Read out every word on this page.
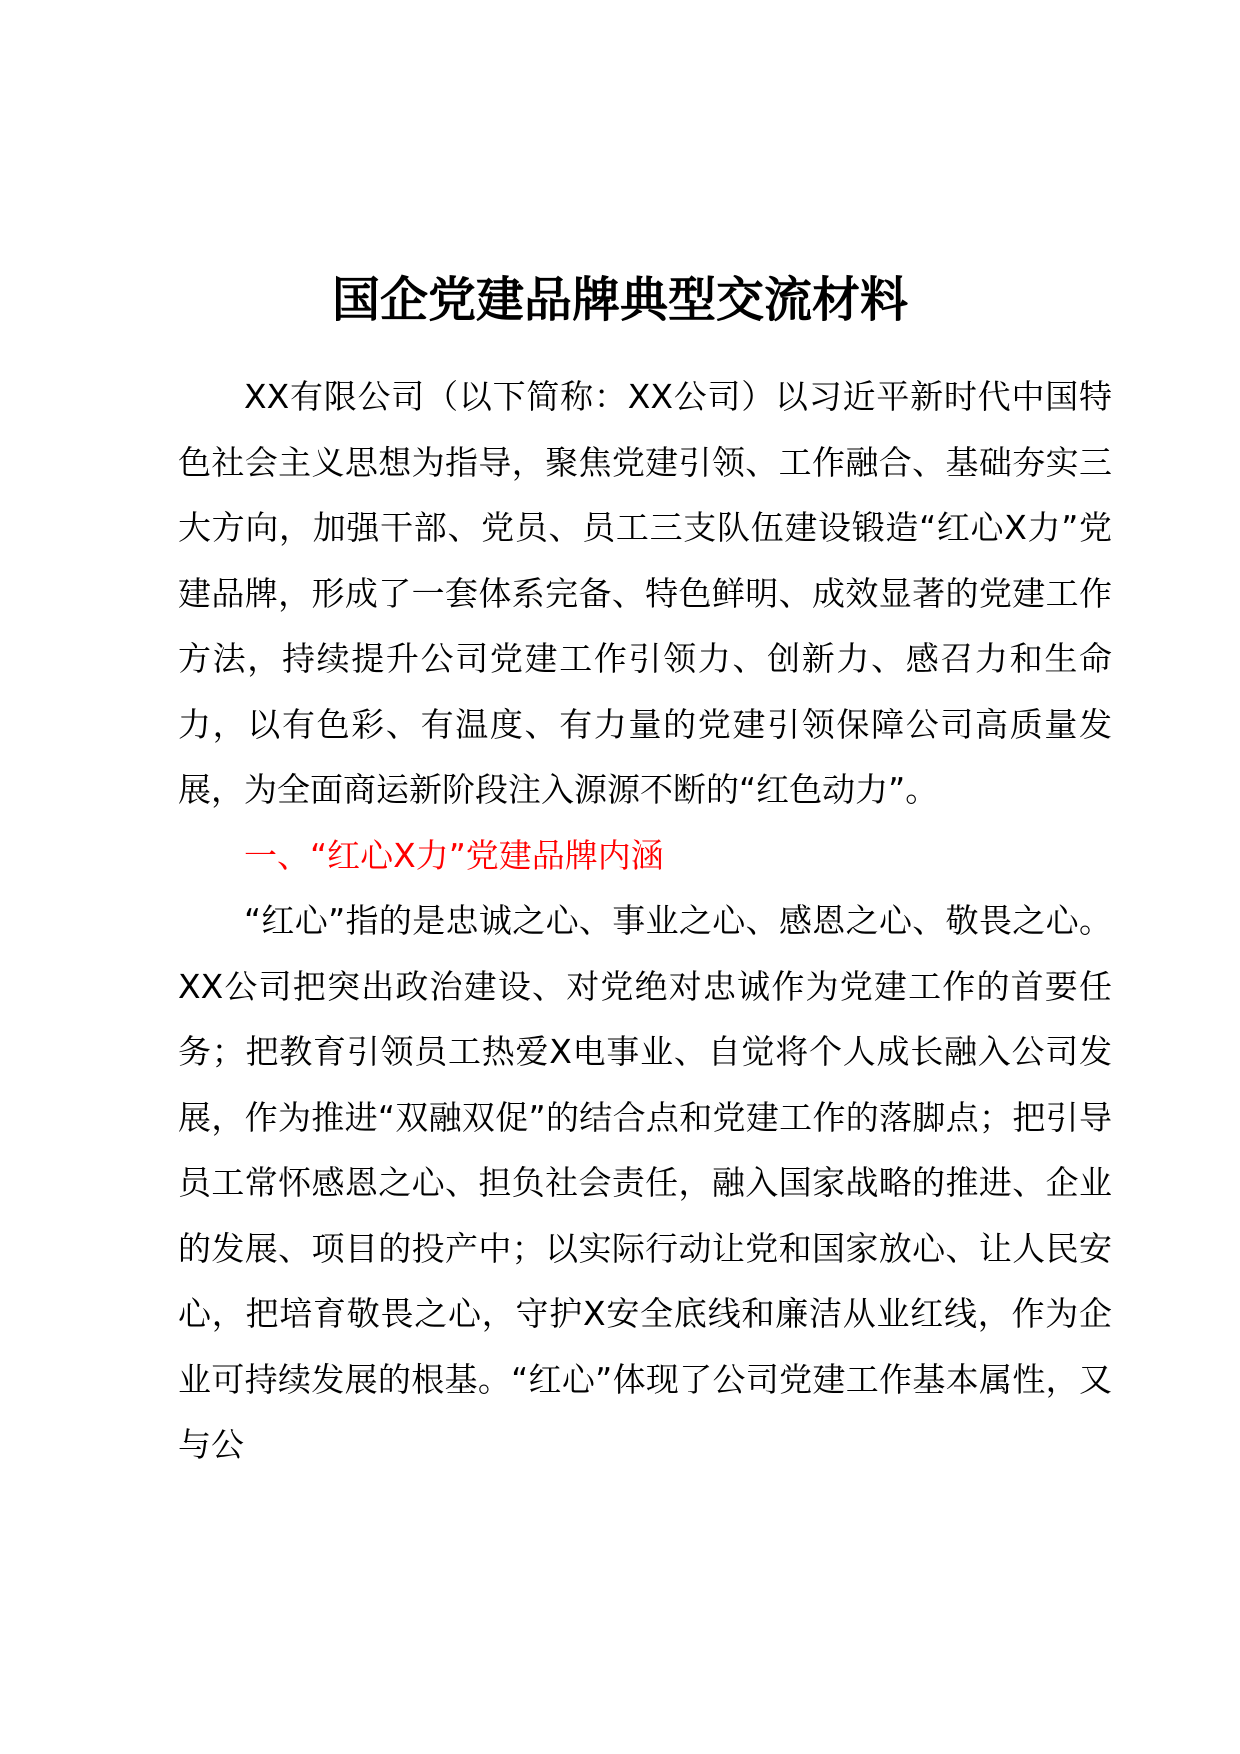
国企党建品牌典型交流材料

XX有限公司（以下简称：XX公司）以习近平新时代中国特色社会主义思想为指导，聚焦党建引领、工作融合、基础夯实三大方向，加强干部、党员、员工三支队伍建设锻造“红心X力”党建品牌，形成了一套体系完备、特色鲜明、成效显著的党建工作方法，持续提升公司党建工作引领力、创新力、感召力和生命力，以有色彩、有温度、有力量的党建引领保障公司高质量发展，为全面商运新阶段注入源源不断的“红色动力”。

一、“红心X力”党建品牌内涵

“红心”指的是忠诚之心、事业之心、感恩之心、敬畏之心。XX公司把突出政治建设、对党绝对忠诚作为党建工作的首要任务；把教育引领员工热爱X电事业、自觉将个人成长融入公司发展，作为推进“双融双促”的结合点和党建工作的落脚点；把引导员工常怀感恩之心、担负社会责任，融入国家战略的推进、企业的发展、项目的投产中；以实际行动让党和国家放心、让人民安心，把培育敬畏之心，守护X安全底线和廉洁从业红线，作为企业可持续发展的根基。“红心”体现了公司党建工作基本属性，又与公
